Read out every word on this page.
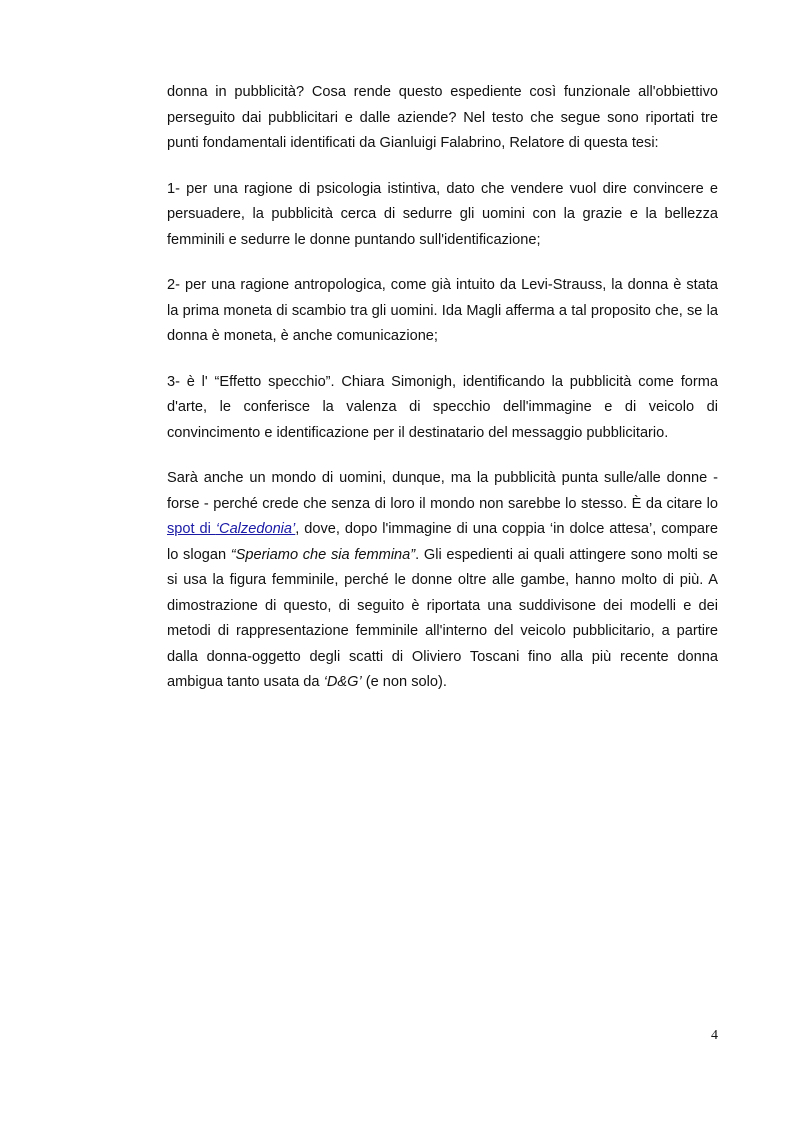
donna in pubblicità? Cosa rende questo espediente così funzionale all'obbiettivo perseguito dai pubblicitari e dalle aziende? Nel testo che segue sono riportati tre punti fondamentali identificati da Gianluigi Falabrino, Relatore di questa tesi:

1- per una ragione di psicologia istintiva, dato che vendere vuol dire convincere e persuadere, la pubblicità cerca di sedurre gli uomini con la grazie e la bellezza femminili e sedurre le donne puntando sull'identificazione;

2- per una ragione antropologica, come già intuito da Levi-Strauss, la donna è stata la prima moneta di scambio tra gli uomini. Ida Magli afferma a tal proposito che, se la donna è moneta, è anche comunicazione;

3- è l' “Effetto specchio”. Chiara Simonigh, identificando la pubblicità come forma d'arte, le conferisce la valenza di specchio dell'immagine e di veicolo di convincimento e identificazione per il destinatario del messaggio pubblicitario.

Sarà anche un mondo di uomini, dunque, ma la pubblicità punta sulle/alle donne - forse - perché crede che senza di loro il mondo non sarebbe lo stesso. È da citare lo spot di ‘Calzedonia’, dove, dopo l'immagine di una coppia ‘in dolce attesa’, compare lo slogan “Speriamo che sia femmina”. Gli espedienti ai quali attingere sono molti se si usa la figura femminile, perché le donne oltre alle gambe, hanno molto di più. A dimostrazione di questo, di seguito è riportata una suddivisone dei modelli e dei metodi di rappresentazione femminile all'interno del veicolo pubblicitario, a partire dalla donna-oggetto degli scatti di Oliviero Toscani fino alla più recente donna ambigua tanto usata da ‘D&G’ (e non solo).

4
